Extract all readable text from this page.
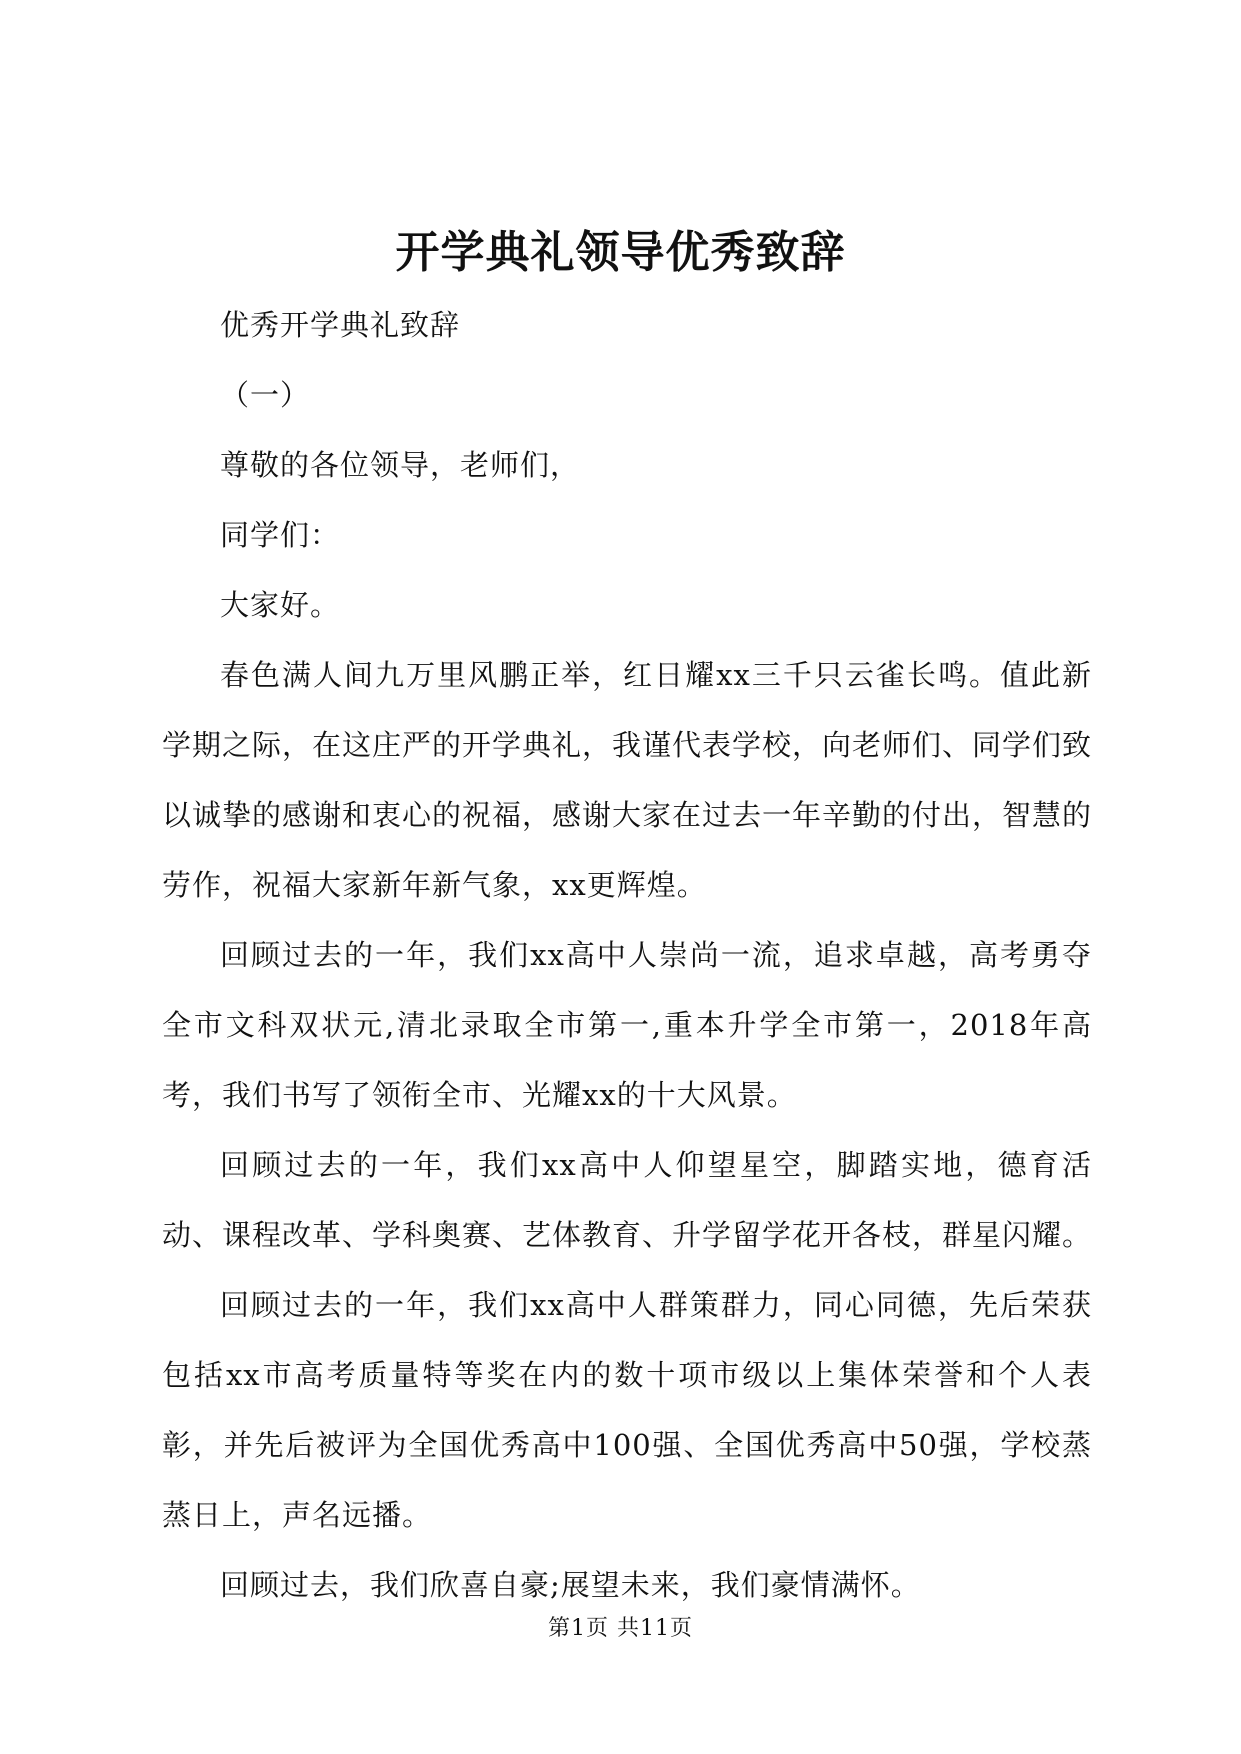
开学典礼领导优秀致辞

优秀开学典礼致辞

（一）

尊敬的各位领导，老师们，

同学们：

大家好。

春色满人间九万里风鹏正举，红日耀xx三千只云雀长鸣。值此新学期之际，在这庄严的开学典礼，我谨代表学校，向老师们、同学们致以诚挚的感谢和衷心的祝福，感谢大家在过去一年辛勤的付出，智慧的劳作，祝福大家新年新气象，xx更辉煌。

回顾过去的一年，我们xx高中人崇尚一流，追求卓越，高考勇夺全市文科双状元,清北录取全市第一,重本升学全市第一，2018年高考，我们书写了领衔全市、光耀xx的十大风景。

回顾过去的一年，我们xx高中人仰望星空，脚踏实地，德育活动、课程改革、学科奥赛、艺体教育、升学留学花开各枝，群星闪耀。

回顾过去的一年，我们xx高中人群策群力，同心同德，先后荣获包括xx市高考质量特等奖在内的数十项市级以上集体荣誉和个人表彰，并先后被评为全国优秀高中100强、全国优秀高中50强，学校蒸蒸日上，声名远播。

回顾过去，我们欣喜自豪;展望未来，我们豪情满怀。

第1页 共11页
